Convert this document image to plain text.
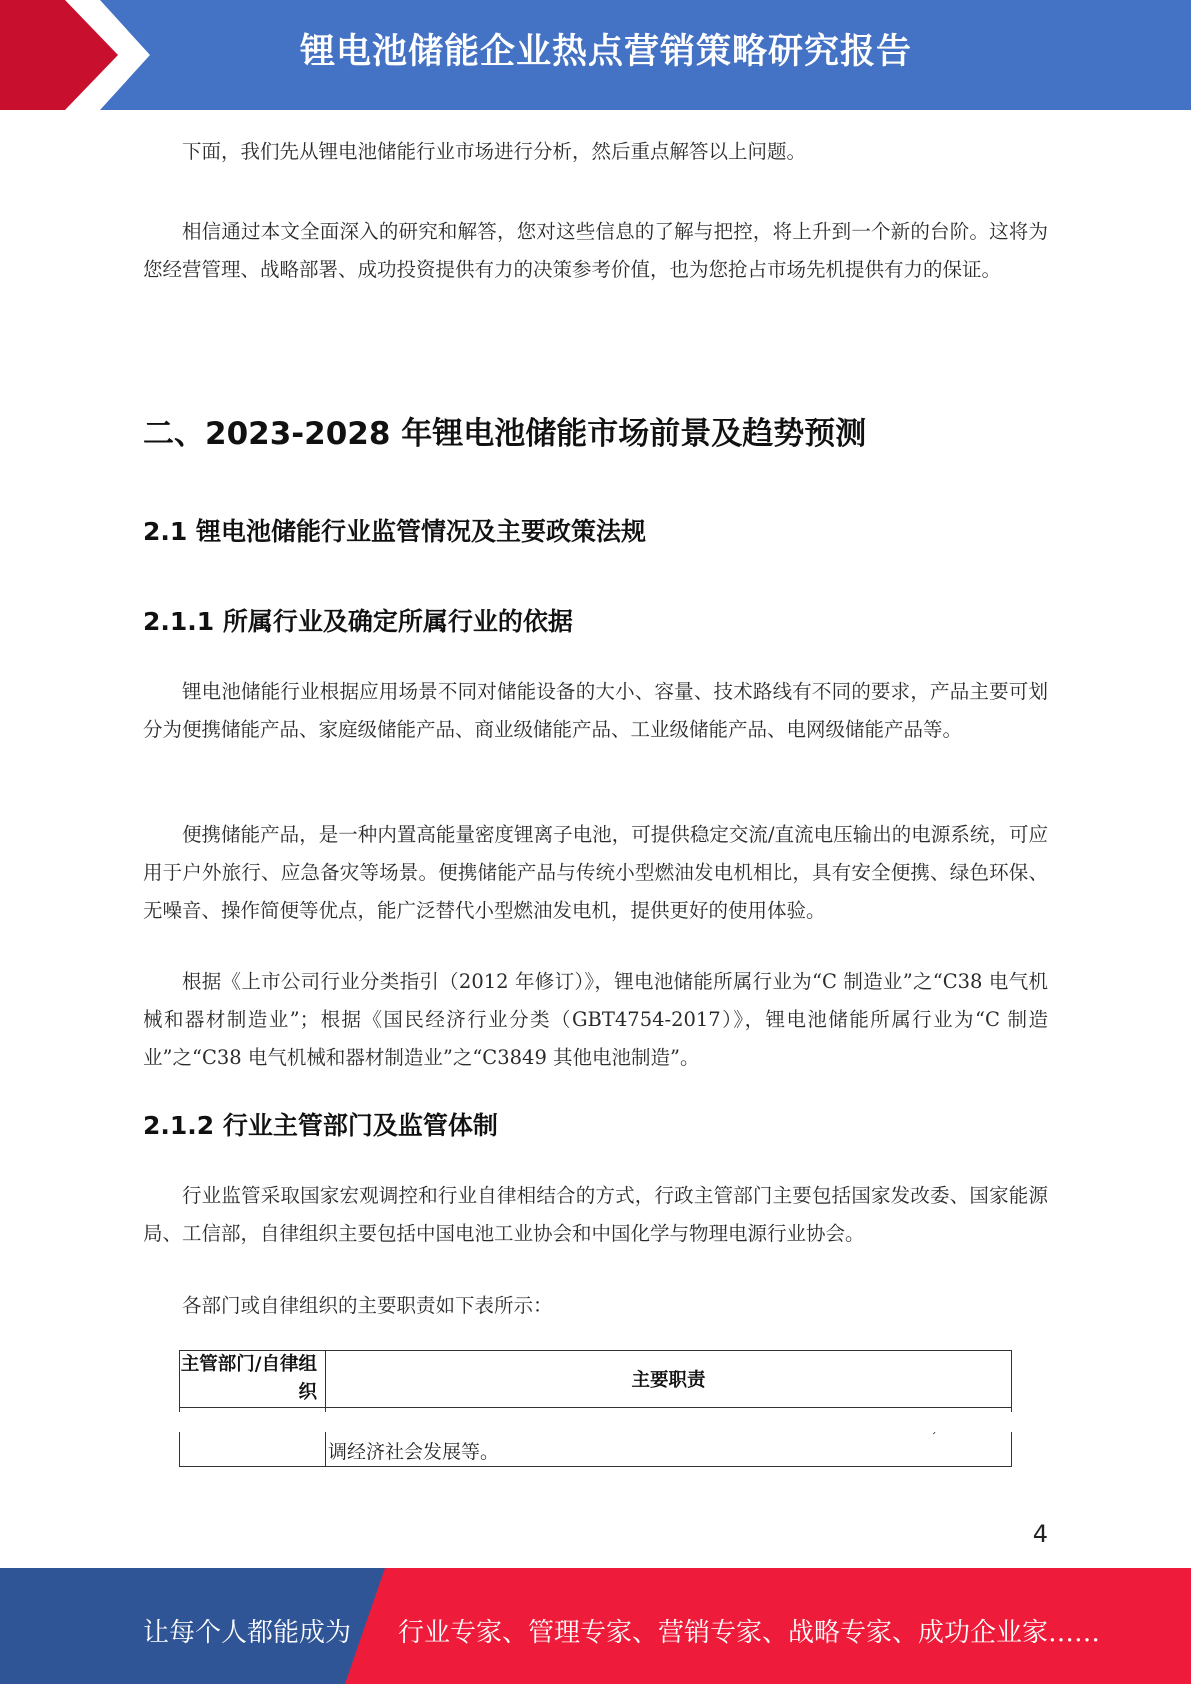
锂电池储能企业热点营销策略研究报告

下面，我们先从锂电池储能行业市场进行分析，然后重点解答以上问题。

相信通过本文全面深入的研究和解答，您对这些信息的了解与把控，将上升到一个新的台阶。这将为您经营管理、战略部署、成功投资提供有力的决策参考价值，也为您抢占市场先机提供有力的保证。

二、2023-2028 年锂电池储能市场前景及趋势预测
2.1 锂电池储能行业监管情况及主要政策法规
2.1.1 所属行业及确定所属行业的依据

锂电池储能行业根据应用场景不同对储能设备的大小、容量、技术路线有不同的要求，产品主要可划分为便携储能产品、家庭级储能产品、商业级储能产品、工业级储能产品、电网级储能产品等。

便携储能产品，是一种内置高能量密度锂离子电池，可提供稳定交流/直流电压输出的电源系统，可应用于户外旅行、应急备灾等场景。便携储能产品与传统小型燃油发电机相比，具有安全便携、绿色环保、无噪音、操作简便等优点，能广泛替代小型燃油发电机，提供更好的使用体验。

根据《上市公司行业分类指引（2012 年修订）》，锂电池储能所属行业为“C 制造业”之“C38 电气机械和器材制造业”；根据《国民经济行业分类（GBT4754-2017）》，锂电池储能所属行业为“C 制造业”之“C38 电气机械和器材制造业”之“C3849 其他电池制造”。

2.1.2 行业主管部门及监管体制

行业监管采取国家宏观调控和行业自律相结合的方式，行政主管部门主要包括国家发改委、国家能源局、工信部，自律组织主要包括中国电池工业协会和中国化学与物理电源行业协会。

各部门或自律组织的主要职责如下表所示：

主管部门/自律组织	主要职责
	调经济社会发展等。
4
让每个人都能成为 行业专家、管理专家、营销专家、战略专家、成功企业家……
